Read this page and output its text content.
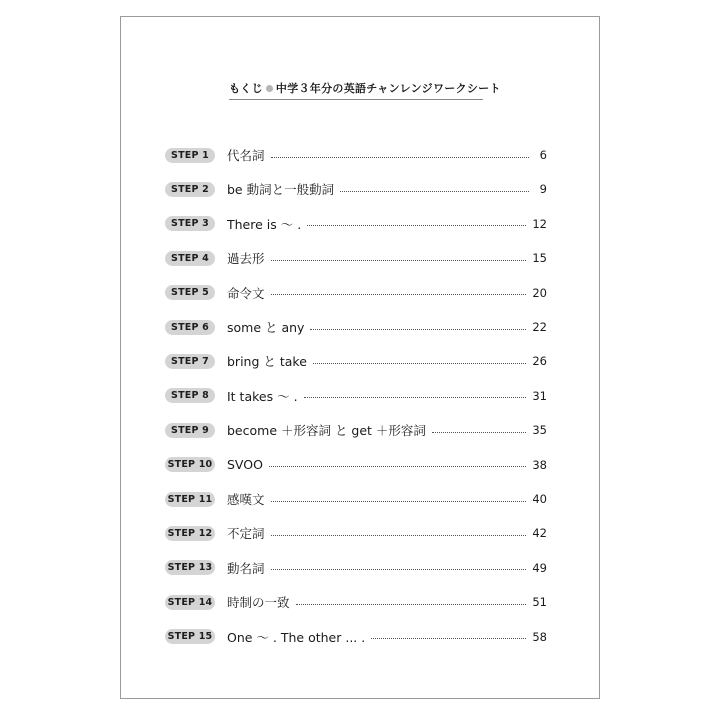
もくじ 中学３年分の英語チャンレンジワークシート
STEP 1	代名詞	6
STEP 2	be 動詞と一般動詞	9
STEP 3	There is ～ .	12
STEP 4	過去形	15
STEP 5	命令文	20
STEP 6	some と any	22
STEP 7	bring と take	26
STEP 8	It takes ～ .	31
STEP 9	become ＋形容詞 と get ＋形容詞	35
STEP 10 SVOO	38
STEP 11 感嘆文	40
STEP 12 不定詞	42
STEP 13 動名詞	49
STEP 14 時制の一致	51
STEP 15 One ～ . The other ... .	58
